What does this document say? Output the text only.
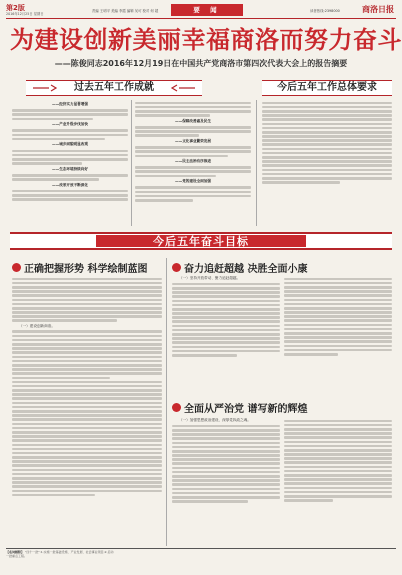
第2版
2016年12月25日 星期日
责编 王明平 美编 李霞 编辑 吴可 校对 何 超	要 闻	读者热线:2398000	商洛日报
为建设创新美丽幸福商洛而努力奋斗
——陈俊同志2016年12月19日在中国共产党商洛市第四次代表大会上的报告摘要
过去五年工作成就	今后五年工作总体要求

——经济实力显著增强

——产业升级步伐加快

——城乡面貌明显改观

——生态环境持续向好

——改革开放不断深化

——保障改善惠及民生

——文化事业繁荣发展

——民主法治有序推进

——党的建设全面加强

今后五年奋斗目标
正确把握形势 科学绘制蓝图	奋力追赶超越 决胜全面小康
全面从严治党 谱写新的辉煌

（一）建设创新商洛。

（一）坚持开放带动、聚力追赶超越。

（一）加强思想政治建设，深厚党执政之魂。

【名词解释】 "四个一批":1.实施一批基础设施、产业发展、社会事业项目;2.启动一批重点工程。
